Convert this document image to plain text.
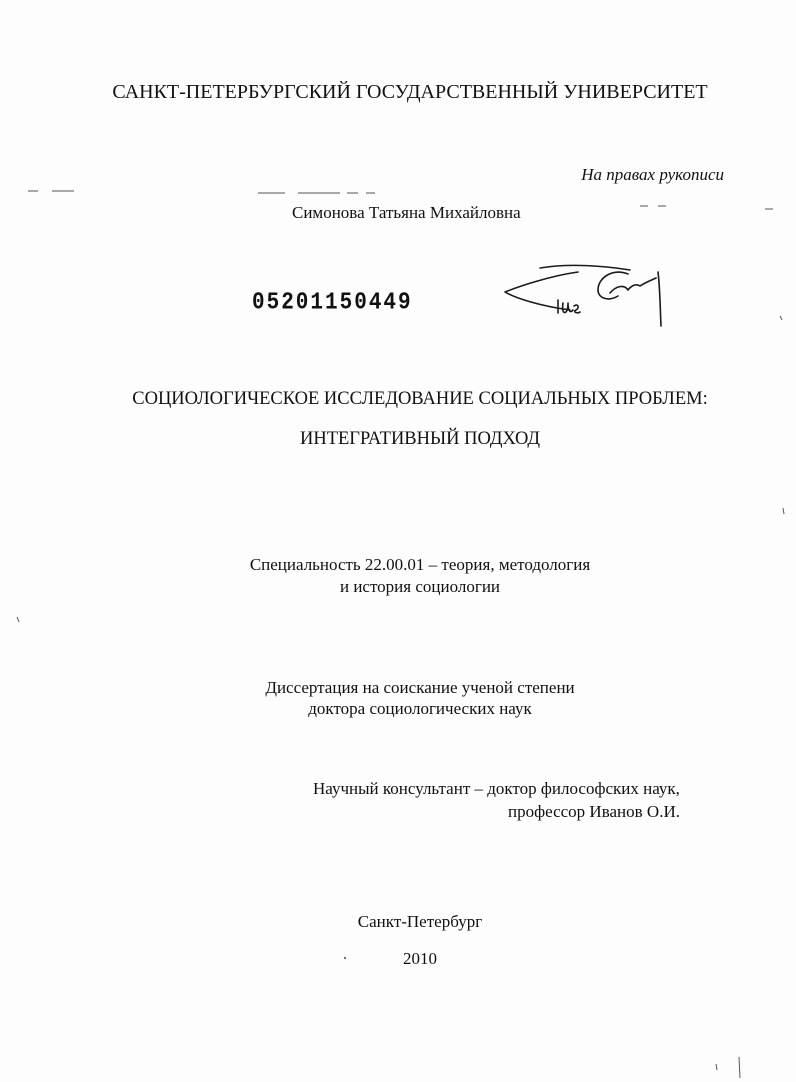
САНКТ-ПЕТЕРБУРГСКИЙ ГОСУДАРСТВЕННЫЙ УНИВЕРСИТЕТ
На правах рукописи
Симонова Татьяна Михайловна
05201150449
СОЦИОЛОГИЧЕСКОЕ ИССЛЕДОВАНИЕ СОЦИАЛЬНЫХ ПРОБЛЕМ:
ИНТЕГРАТИВНЫЙ ПОДХОД
Специальность 22.00.01 – теория, методология
и история социологии
Диссертация на соискание ученой степени
доктора социологических наук
Научный консультант – доктор философских наук,
профессор Иванов О.И.
Санкт-Петербург
2010
